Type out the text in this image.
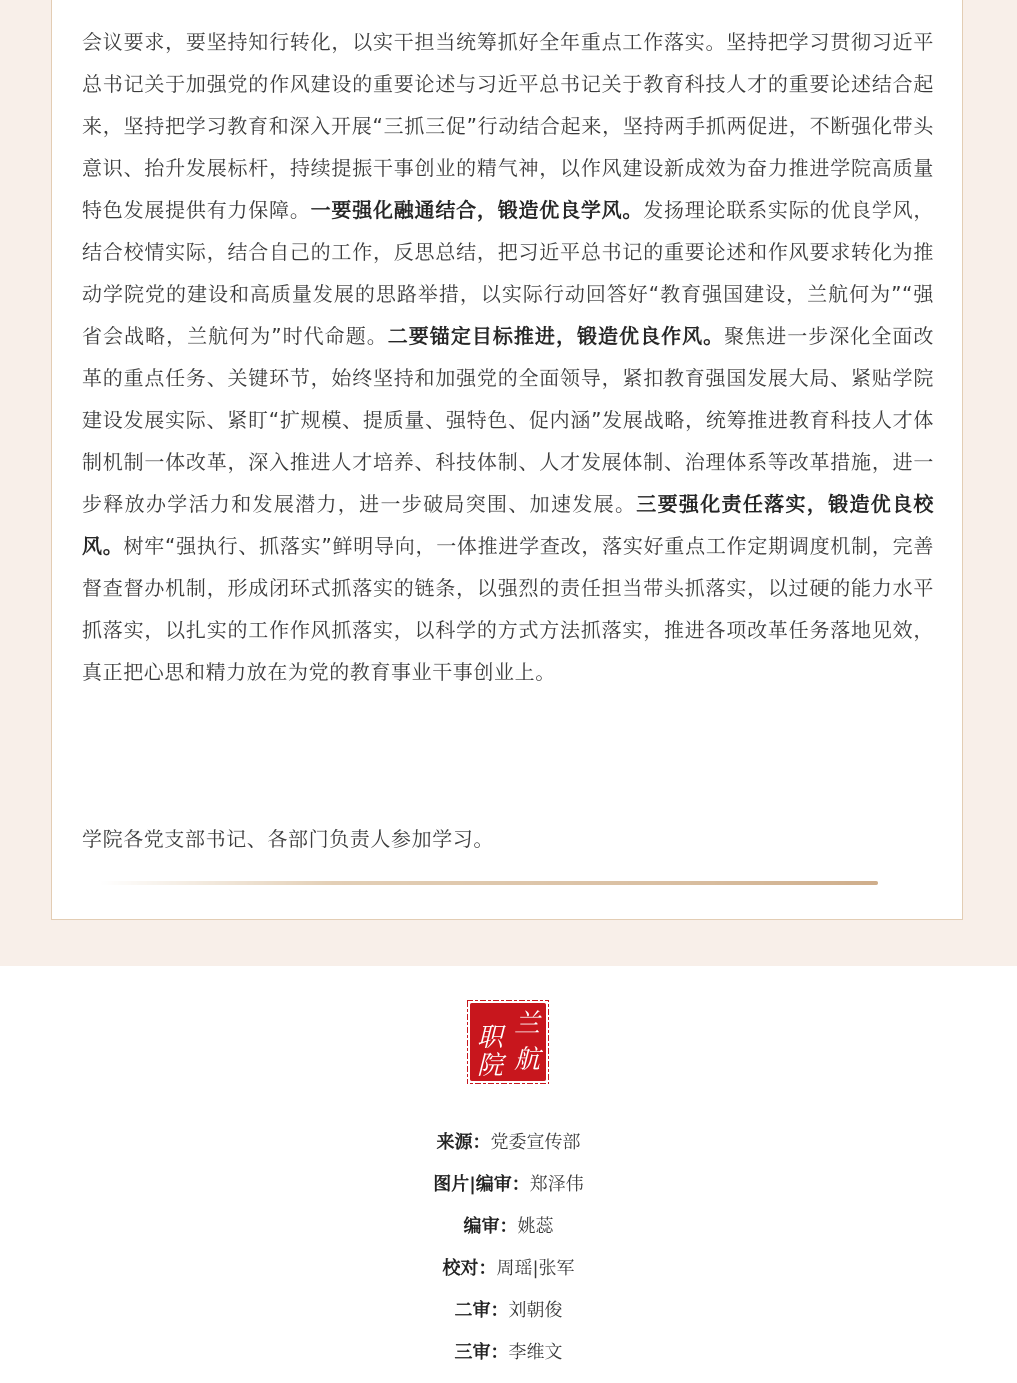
会议要求，要坚持知行转化，以实干担当统筹抓好全年重点工作落实。坚持把学习贯彻习近平总书记关于加强党的作风建设的重要论述与习近平总书记关于教育科技人才的重要论述结合起来，坚持把学习教育和深入开展“三抓三促”行动结合起来，坚持两手抓两促进，不断强化带头意识、抬升发展标杆，持续提振干事创业的精气神，以作风建设新成效为奋力推进学院高质量特色发展提供有力保障。一要强化融通结合，锻造优良学风。发扬理论联系实际的优良学风，结合校情实际，结合自己的工作，反思总结，把习近平总书记的重要论述和作风要求转化为推动学院党的建设和高质量发展的思路举措，以实际行动回答好“教育强国建设，兰航何为”“强省会战略，兰航何为”时代命题。二要锚定目标推进，锻造优良作风。聚焦进一步深化全面改革的重点任务、关键环节，始终坚持和加强党的全面领导，紧扣教育强国发展大局、紧贴学院建设发展实际、紧盯“扩规模、提质量、强特色、促内涵”发展战略，统筹推进教育科技人才体制机制一体改革，深入推进人才培养、科技体制、人才发展体制、治理体系等改革措施，进一步释放办学活力和发展潜力，进一步破局突围、加速发展。三要强化责任落实，锻造优良校风。树牢“强执行、抓落实”鲜明导向，一体推进学查改，落实好重点工作定期调度机制，完善督查督办机制，形成闭环式抓落实的链条，以强烈的责任担当带头抓落实，以过硬的能力水平抓落实，以扎实的工作作风抓落实，以科学的方式方法抓落实，推进各项改革任务落地见效，真正把心思和精力放在为党的教育事业干事创业上。

学院各党支部书记、各部门负责人参加学习。

兰
航
职
院
来源：党委宣传部
图片|编审：郑泽伟
编审：姚蕊
校对：周瑶|张军
二审：刘朝俊
三审：李维文
